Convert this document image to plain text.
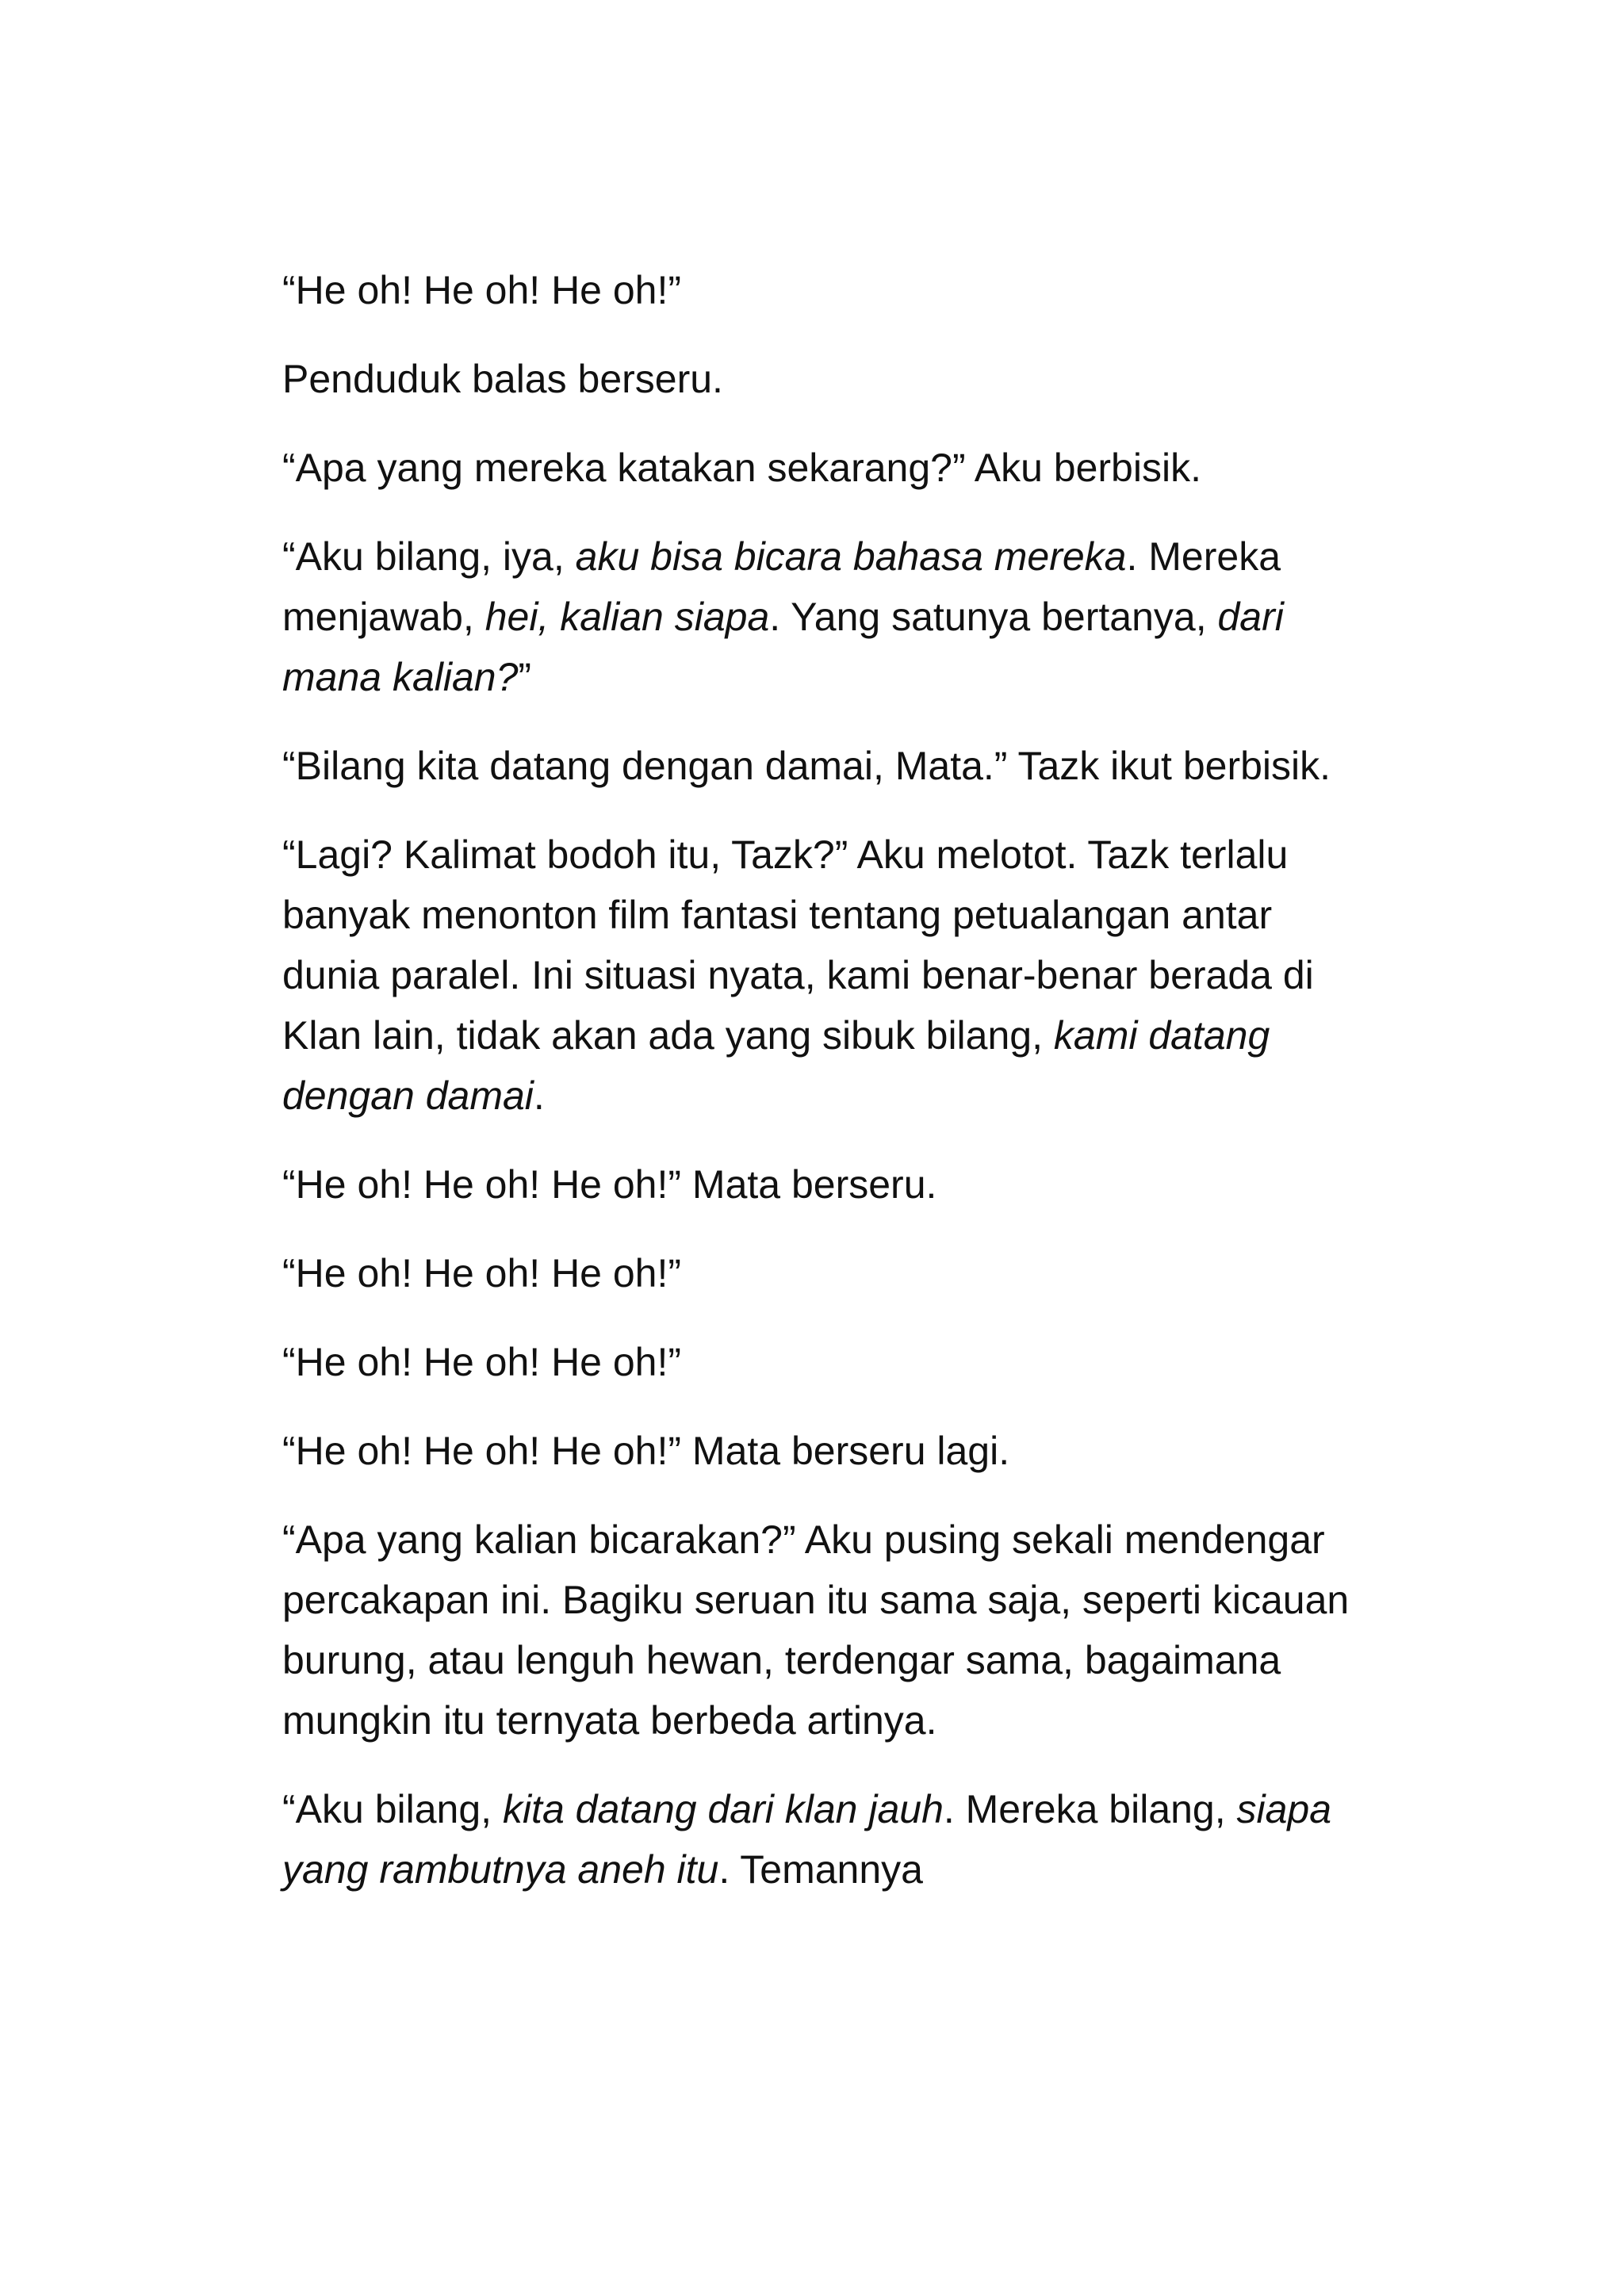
“He oh! He oh! He oh!”

Penduduk balas berseru.

“Apa yang mereka katakan sekarang?” Aku berbisik.

“Aku bilang, iya, aku bisa bicara bahasa mereka. Mereka menjawab, hei, kalian siapa. Yang satunya bertanya, dari mana kalian?”

“Bilang kita datang dengan damai, Mata.” Tazk ikut berbisik.

“Lagi? Kalimat bodoh itu, Tazk?” Aku melotot. Tazk terlalu banyak menonton film fantasi tentang petualangan antar dunia paralel. Ini situasi nyata, kami benar-benar berada di Klan lain, tidak akan ada yang sibuk bilang, kami datang dengan damai.

“He oh! He oh! He oh!” Mata berseru.

“He oh! He oh! He oh!”

“He oh! He oh! He oh!”

“He oh! He oh! He oh!” Mata berseru lagi.

“Apa yang kalian bicarakan?” Aku pusing sekali mendengar percakapan ini. Bagiku seruan itu sama saja, seperti kicauan burung, atau lenguh hewan, terdengar sama, bagaimana mungkin itu ternyata berbeda artinya.

“Aku bilang, kita datang dari klan jauh. Mereka bilang, siapa yang rambutnya aneh itu. Temannya
